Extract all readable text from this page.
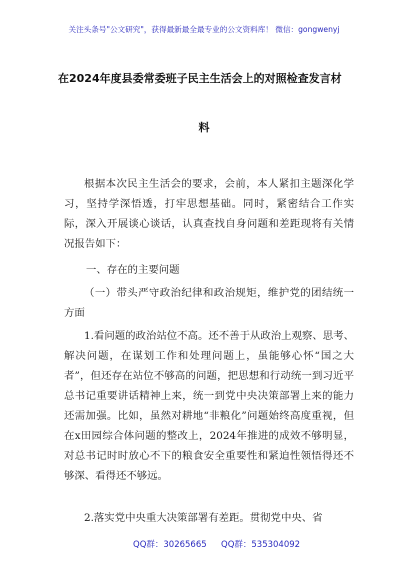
关注头条号"公文研究"，获得最新最全最专业的公文资料库！ 微信：gongwenyj
在2024年度县委常委班子民主生活会上的对照检查发言材
料

根据本次民主生活会的要求，会前，本人紧扣主题深化学习，坚持学深悟透，打牢思想基础。同时，紧密结合工作实际，深入开展谈心谈话，认真查找自身问题和差距现将有关情况报告如下：

一、存在的主要问题

（一）带头严守政治纪律和政治规矩，维护党的团结统一方面

1.看问题的政治站位不高。还不善于从政治上观察、思考、解决问题，在谋划工作和处理问题上，虽能够心怀“国之大者”，但还存在站位不够高的问题，把思想和行动统一到习近平总书记重要讲话精神上来，统一到党中央决策部署上来的能力还需加强。比如，虽然对耕地“非粮化”问题始终高度重视，但在x田园综合体问题的整改上，2024年推进的成效不够明显，对总书记时时放心不下的粮食安全重要性和紧迫性领悟得还不够深、看得还不够远。

2.落实党中央重大决策部署有差距。贯彻党中央、省

QQ群：30265665 QQ群：535304092
